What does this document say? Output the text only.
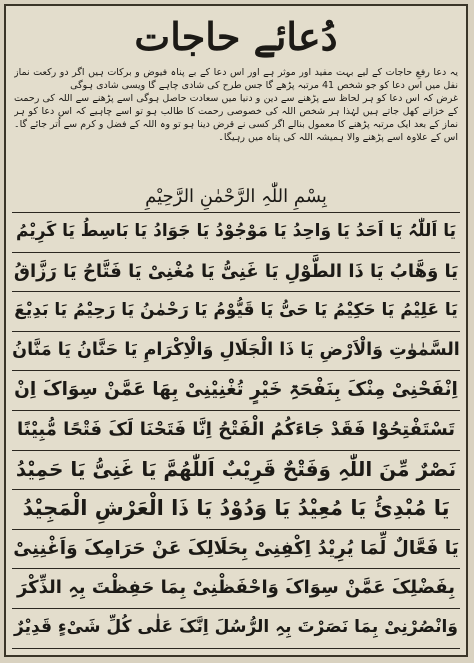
دُعائے حاجات

یہ دعا رفعِ حاجات کے لیے بہت مفید اور موثر ہے اور اس دعا کے بے پناہ فیوض و برکات ہیں اگر دو رکعت نماز نفل میں اس دعا کو جو شخص 41 مرتبہ پڑھے گا جس طرح کی شادی چاہے گا ویسی شادی ہوگی

غرض کہ اس دعا کو ہر لحاظ سے پڑھنے سے دین و دنیا میں سعادت حاصل ہوگی اسے پڑھنے سے اللہ کی رحمت کے خزانے کھل جاتے ہیں لہٰذا ہر شخص اللہ کی خصوصی رحمت کا طالب ہو تو اسے چاہیے کہ اس دعا کو ہر نماز کے بعد ایک مرتبہ پڑھنے کا معمول بنالے اگر کسی نے قرض دینا ہو تو وہ اللہ کے فضل و کرم سے اُتر جائے گا۔ اس کے علاوہ اسے پڑھنے والا ہمیشہ اللہ کی پناہ میں رہیگا۔

بِسْمِ اللّٰہِ الرَّحْمٰنِ الرَّحِیْمِ
یَا اَللّٰہُ یَا اَحَدُ یَا وَاحِدُ یَا مَوْجُوْدُ یَا جَوَادُ یَا بَاسِطُ یَا کَرِیْمُ
یَا وَھَّابُ یَا ذَا الطَّوْلِ یَا غَنِیُّ یَا مُغْنِیْ یَا فَتَّاحُ یَا رَزَّاقُ
یَا عَلِیْمُ یَا حَکِیْمُ یَا حَیُّ یَا قَیُّوْمُ یَا رَحْمٰنُ یَا رَحِیْمُ یَا بَدِیْعَ
السَّمٰوٰتِ وَالْاَرْضِ یَا ذَا الْجَلَالِ وَالْاِکْرَامِ یَا حَنَّانُ یَا مَنَّانُ
اِنْفَحْنِیْ مِنْکَ بِنَفْحَۃِ خَیْرٍ تُغْنِیْنِیْ بِھَا عَمَّنْ سِوَاکَ اِنْ
تَسْتَفْتِحُوْا فَقَدْ جَاءَکُمُ الْفَتْحُ اِنَّا فَتَحْنَا لَکَ فَتْحًا مُّبِیْنًا
نَصْرٌ مِّنَ اللّٰہِ وَفَتْحٌ قَرِیْبٌ اَللّٰھُمَّ یَا غَنِیُّ یَا حَمِیْدُ
یَا مُبْدِئُ یَا مُعِیْدُ یَا وَدُوْدُ یَا ذَا الْعَرْشِ الْمَجِیْدُ
یَا فَعَّالٌ لِّمَا یُرِیْدُ اِکْفِنِیْ بِحَلَالِکَ عَنْ حَرَامِکَ وَاَغْنِنِیْ
بِفَضْلِکَ عَمَّنْ سِوَاکَ وَاحْفَظْنِیْ بِمَا حَفِظْتَ بِہِ الذِّکْرَ
وَانْصُرْنِیْ بِمَا نَصَرْتَ بِہِ الرُّسُلَ اِنَّکَ عَلٰی کُلِّ شَیْءٍ قَدِیْرٌ
